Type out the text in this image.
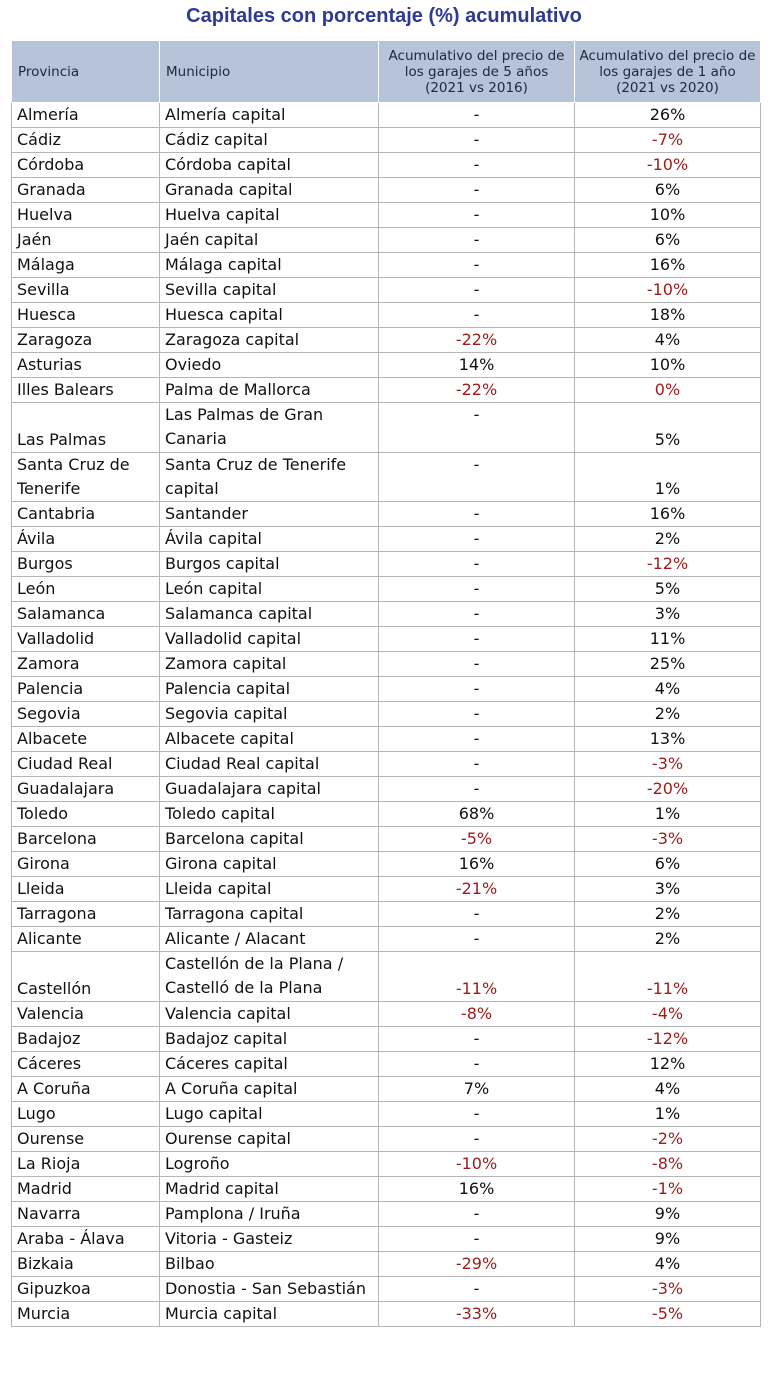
Capitales con porcentaje (%) acumulativo
Provincia	Municipio	Acumulativo del precio de los garajes de 5 años (2021 vs 2016)	Acumulativo del precio de los garajes de 1 año (2021 vs 2020)
Almería	Almería capital	-	26%
Cádiz	Cádiz capital	-	-7%
Córdoba	Córdoba capital	-	-10%
Granada	Granada capital	-	6%
Huelva	Huelva capital	-	10%
Jaén	Jaén capital	-	6%
Málaga	Málaga capital	-	16%
Sevilla	Sevilla capital	-	-10%
Huesca	Huesca capital	-	18%
Zaragoza	Zaragoza capital	-22%	4%
Asturias	Oviedo	14%	10%
Illes Balears	Palma de Mallorca	-22%	0%
Las Palmas	Las Palmas de Gran Canaria	-	5%
Santa Cruz de Tenerife	Santa Cruz de Tenerife capital	-	1%
Cantabria	Santander	-	16%
Ávila	Ávila capital	-	2%
Burgos	Burgos capital	-	-12%
León	León capital	-	5%
Salamanca	Salamanca capital	-	3%
Valladolid	Valladolid capital	-	11%
Zamora	Zamora capital	-	25%
Palencia	Palencia capital	-	4%
Segovia	Segovia capital	-	2%
Albacete	Albacete capital	-	13%
Ciudad Real	Ciudad Real capital	-	-3%
Guadalajara	Guadalajara capital	-	-20%
Toledo	Toledo capital	68%	1%
Barcelona	Barcelona capital	-5%	-3%
Girona	Girona capital	16%	6%
Lleida	Lleida capital	-21%	3%
Tarragona	Tarragona capital	-	2%
Alicante	Alicante / Alacant	-	2%
Castellón	Castellón de la Plana / Castelló de la Plana	-11%	-11%
Valencia	Valencia capital	-8%	-4%
Badajoz	Badajoz capital	-	-12%
Cáceres	Cáceres capital	-	12%
A Coruña	A Coruña capital	7%	4%
Lugo	Lugo capital	-	1%
Ourense	Ourense capital	-	-2%
La Rioja	Logroño	-10%	-8%
Madrid	Madrid capital	16%	-1%
Navarra	Pamplona / Iruña	-	9%
Araba - Álava	Vitoria - Gasteiz	-	9%
Bizkaia	Bilbao	-29%	4%
Gipuzkoa	Donostia - San Sebastián	-	-3%
Murcia	Murcia capital	-33%	-5%
